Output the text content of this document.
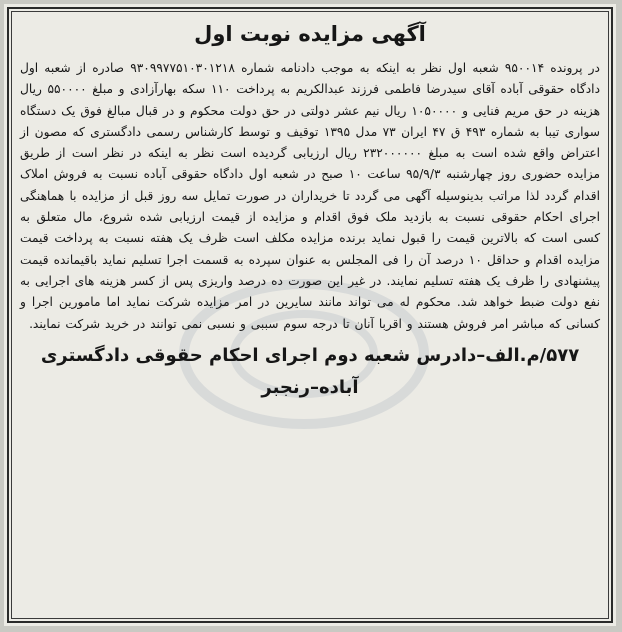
آگهی مزایده نوبت اول

در پرونده ۹۵۰۰۱۴ شعبه اول نظر به اینکه به موجب دادنامه شماره ۹۳۰۹۹۷۷۵۱۰۳۰۱۲۱۸ صادره از شعبه اول دادگاه حقوقی آباده آقای سیدرضا فاطمی فرزند عبدالکریم به پرداخت ۱۱۰ سکه بهارآزادی و مبلغ ۵۵۰۰۰۰ ریال هزینه در حق مریم فنایی و ۱۰۵۰۰۰۰ ریال نیم عشر دولتی در حق دولت محکوم و در قبال مبالغ فوق یک دستگاه سواری تیبا به شماره ۴۹۳ ق ۴۷ ایران ۷۳ مدل ۱۳۹۵ توقیف و توسط کارشناس رسمی دادگستری که مصون از اعتراض واقع شده است به مبلغ ۲۳۲۰۰۰۰۰۰ ریال ارزیابی گردیده است نظر به اینکه در نظر است از طریق مزایده حضوری روز چهارشنبه ۹۵/۹/۳ ساعت ۱۰ صبح در شعبه اول دادگاه حقوقی آباده نسبت به فروش املاک اقدام گردد لذا مراتب بدینوسیله آگهی می گردد تا خریداران در صورت تمایل سه روز قبل از مزایده با هماهنگی اجرای احکام حقوقی نسبت به بازدید ملک فوق اقدام و مزایده از قیمت ارزیابی شده شروع، مال متعلق به کسی است که بالاترین قیمت را قبول نماید برنده مزایده مکلف است ظرف یک هفته نسبت به پرداخت قیمت مزایده اقدام و حداقل ۱۰ درصد آن را فی المجلس به عنوان سپرده به قسمت اجرا تسلیم نماید باقیمانده قیمت پیشنهادی را ظرف یک هفته تسلیم نمایند. در غیر این صورت ده درصد واریزی پس از کسر هزینه های اجرایی به نفع دولت ضبط خواهد شد. محکوم له می تواند مانند سایرین در امر مزایده شرکت نماید اما مامورین اجرا و کسانی که مباشر امر فروش هستند و اقربا آنان تا درجه سوم سببی و نسبی نمی توانند در خرید شرکت نمایند.

۵۷۷/م.الف–دادرس شعبه دوم اجرای احکام حقوقی دادگستری
آباده–رنجبر
